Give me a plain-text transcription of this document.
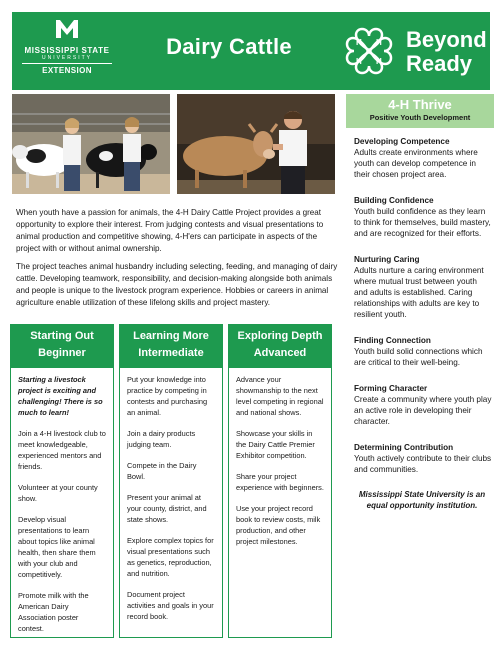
MISSISSIPPI STATE
UNIVERSITY
EXTENSION
Dairy Cattle	H H
H H
Beyond
Ready

When youth have a passion for animals, the 4-H Dairy Cattle Project provides a great opportunity to explore their interest. From judging contests and visual presentations to animal production and competitive showing, 4-H'ers can participate in aspects of the project with or without animal ownership.

The project teaches animal husbandry including selecting, feeding, and managing of dairy cattle. Developing teamwork, responsibility, and decision-making alongside both animals and people is unique to the livestock program experience. Hobbies or careers in animal agriculture enable utilization of these lifelong skills and project mastery.

Starting Out
Beginner

Starting a livestock project is exciting and challenging! There is so much to learn!

Join a 4-H livestock club to meet knowledgeable, experienced mentors and friends.

Volunteer at your county show.

Develop visual presentations to learn about topics like animal health, then share them with your club and competitively.

Promote milk with the American Dairy Association poster contest.

Learning More
Intermediate

Put your knowledge into practice by competing in contests and purchasing an animal.

Join a dairy products judging team.

Compete in the Dairy Bowl.

Present your animal at your county, district, and state shows.

Explore complex topics for visual presentations such as genetics, reproduction, and nutrition.

Document project activities and goals in your record book.

Exploring Depth
Advanced

Advance your showmanship to the next level competing in regional and national shows.

Showcase your skills in the Dairy Cattle Premier Exhibitor competition.

Share your project experience with beginners.

Use your project record book to review costs, milk production, and other project milestones.

4-H Thrive
Positive Youth Development
Developing Competence
Adults create environments where youth can develop competence in their chosen project area.
Building Confidence
Youth build confidence as they learn to think for themselves, build mastery, and are recognized for their efforts.
Nurturing Caring
Adults nurture a caring environment where mutual trust between youth and adults is established. Caring relationships with adults are key to resilient youth.
Finding Connection
Youth build solid connections which are critical to their well-being.
Forming Character
Create a community where youth play an active role in developing their character.
Determining Contribution
Youth actively contribute to their clubs and communities.
Mississippi State University is an equal opportunity institution.
